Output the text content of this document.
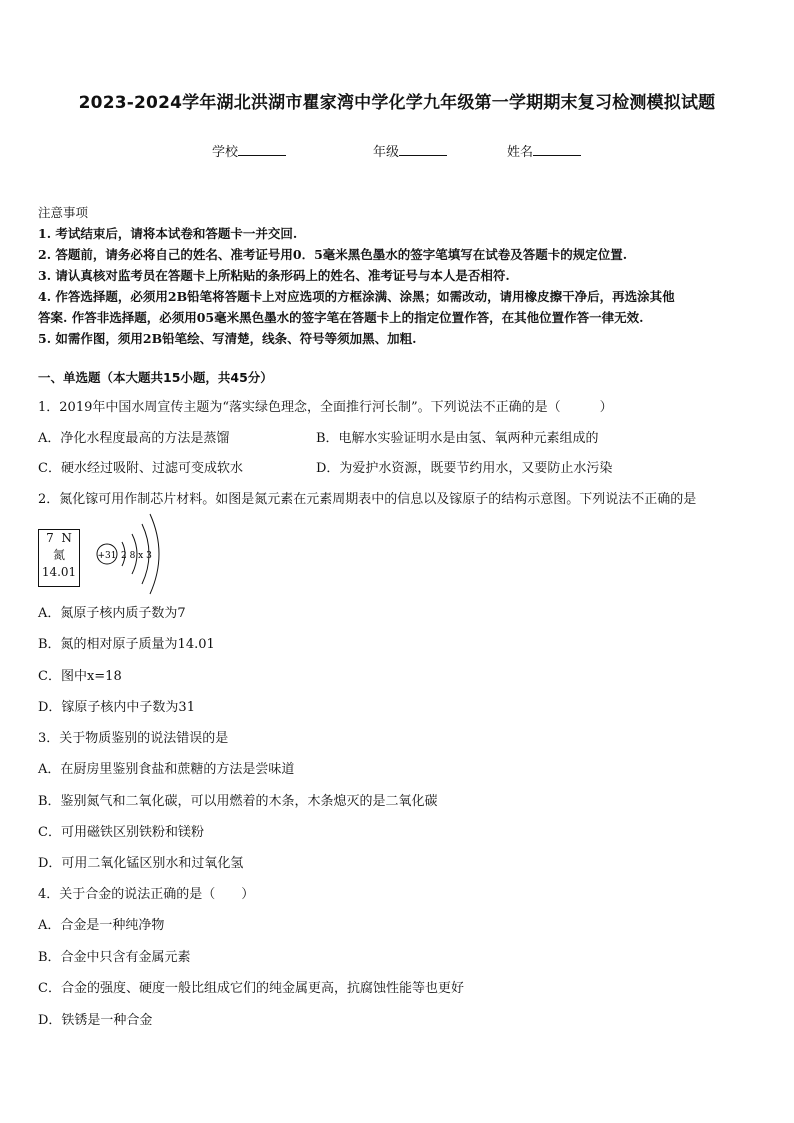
2023-2024学年湖北洪湖市瞿家湾中学化学九年级第一学期期末复习检测模拟试题
学校	年级	姓名
注意事项
1. 考试结束后，请将本试卷和答题卡一并交回.
2. 答题前，请务必将自己的姓名、准考证号用0．5毫米黑色墨水的签字笔填写在试卷及答题卡的规定位置.
3. 请认真核对监考员在答题卡上所粘贴的条形码上的姓名、准考证号与本人是否相符.
4. 作答选择题，必须用2B铅笔将答题卡上对应选项的方框涂满、涂黑；如需改动，请用橡皮擦干净后，再选涂其他
答案. 作答非选择题，必须用05毫米黑色墨水的签字笔在答题卡上的指定位置作答，在其他位置作答一律无效.
5. 如需作图，须用2B铅笔绘、写清楚，线条、符号等须加黑、加粗.
一、单选题（本大题共15小题，共45分）
1．2019年中国水周宣传主题为“落实绿色理念，全面推行河长制”。下列说法不正确的是（　　　）
A．净化水程度最高的方法是蒸馏	B．电解水实验证明水是由氢、氧两种元素组成的
C．硬水经过吸附、过滤可变成软水	D．为爱护水资源，既要节约用水，又要防止水污染
2．氮化镓可用作制芯片材料。如图是氮元素在元素周期表中的信息以及镓原子的结构示意图。下列说法不正确的是
7 N
氮
14.01
+31 2 8 x 3
A．氮原子核内质子数为7
B．氮的相对原子质量为14.01
C．图中x=18
D．镓原子核内中子数为31
3．关于物质鉴别的说法错误的是
A．在厨房里鉴别食盐和蔗糖的方法是尝味道
B．鉴别氮气和二氧化碳，可以用燃着的木条，木条熄灭的是二氧化碳
C．可用磁铁区别铁粉和镁粉
D．可用二氧化锰区别水和过氧化氢
4．关于合金的说法正确的是（　　）
A．合金是一种纯净物
B．合金中只含有金属元素
C．合金的强度、硬度一般比组成它们的纯金属更高，抗腐蚀性能等也更好
D．铁锈是一种合金
